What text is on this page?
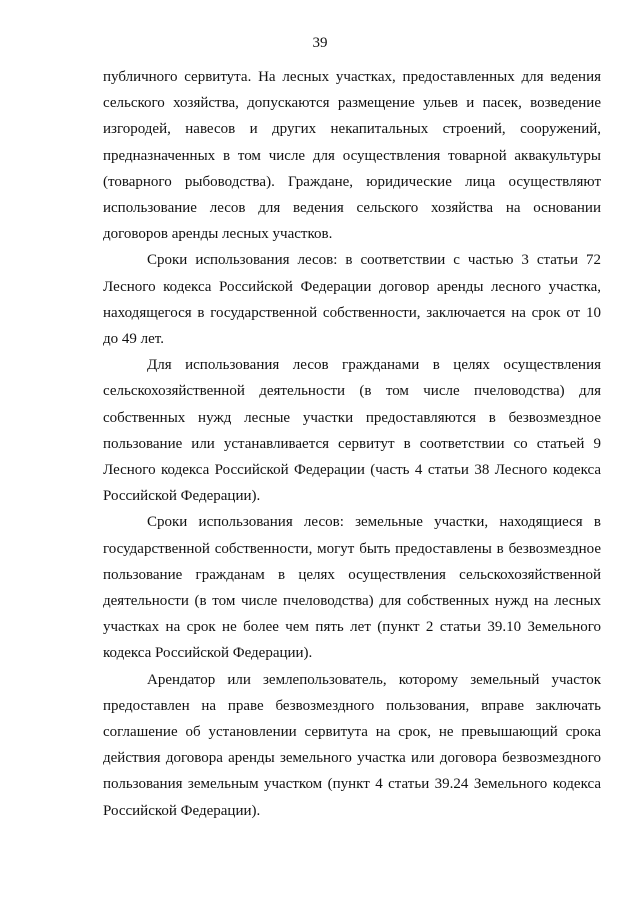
39

публичного сервитута. На лесных участках, предоставленных для ведения сельского хозяйства, допускаются размещение ульев и пасек, возведение изгородей, навесов и других некапитальных строений, сооружений, предназначенных в том числе для осуществления товарной аквакультуры (товарного рыбоводства). Граждане, юридические лица осуществляют использование лесов для ведения сельского хозяйства на основании договоров аренды лесных участков.

Сроки использования лесов: в соответствии с частью 3 статьи 72 Лесного кодекса Российской Федерации договор аренды лесного участка, находящегося в государственной собственности, заключается на срок от 10 до 49 лет.

Для использования лесов гражданами в целях осуществления сельскохозяйственной деятельности (в том числе пчеловодства) для собственных нужд лесные участки предоставляются в безвозмездное пользование или устанавливается сервитут в соответствии со статьей 9 Лесного кодекса Российской Федерации (часть 4 статьи 38 Лесного кодекса Российской Федерации).

Сроки использования лесов: земельные участки, находящиеся в государственной собственности, могут быть предоставлены в безвозмездное пользование гражданам в целях осуществления сельскохозяйственной деятельности (в том числе пчеловодства) для собственных нужд на лесных участках на срок не более чем пять лет (пункт 2 статьи 39.10 Земельного кодекса Российской Федерации).

Арендатор или землепользователь, которому земельный участок предоставлен на праве безвозмездного пользования, вправе заключать соглашение об установлении сервитута на срок, не превышающий срока действия договора аренды земельного участка или договора безвозмездного пользования земельным участком (пункт 4 статьи 39.24 Земельного кодекса Российской Федерации).
